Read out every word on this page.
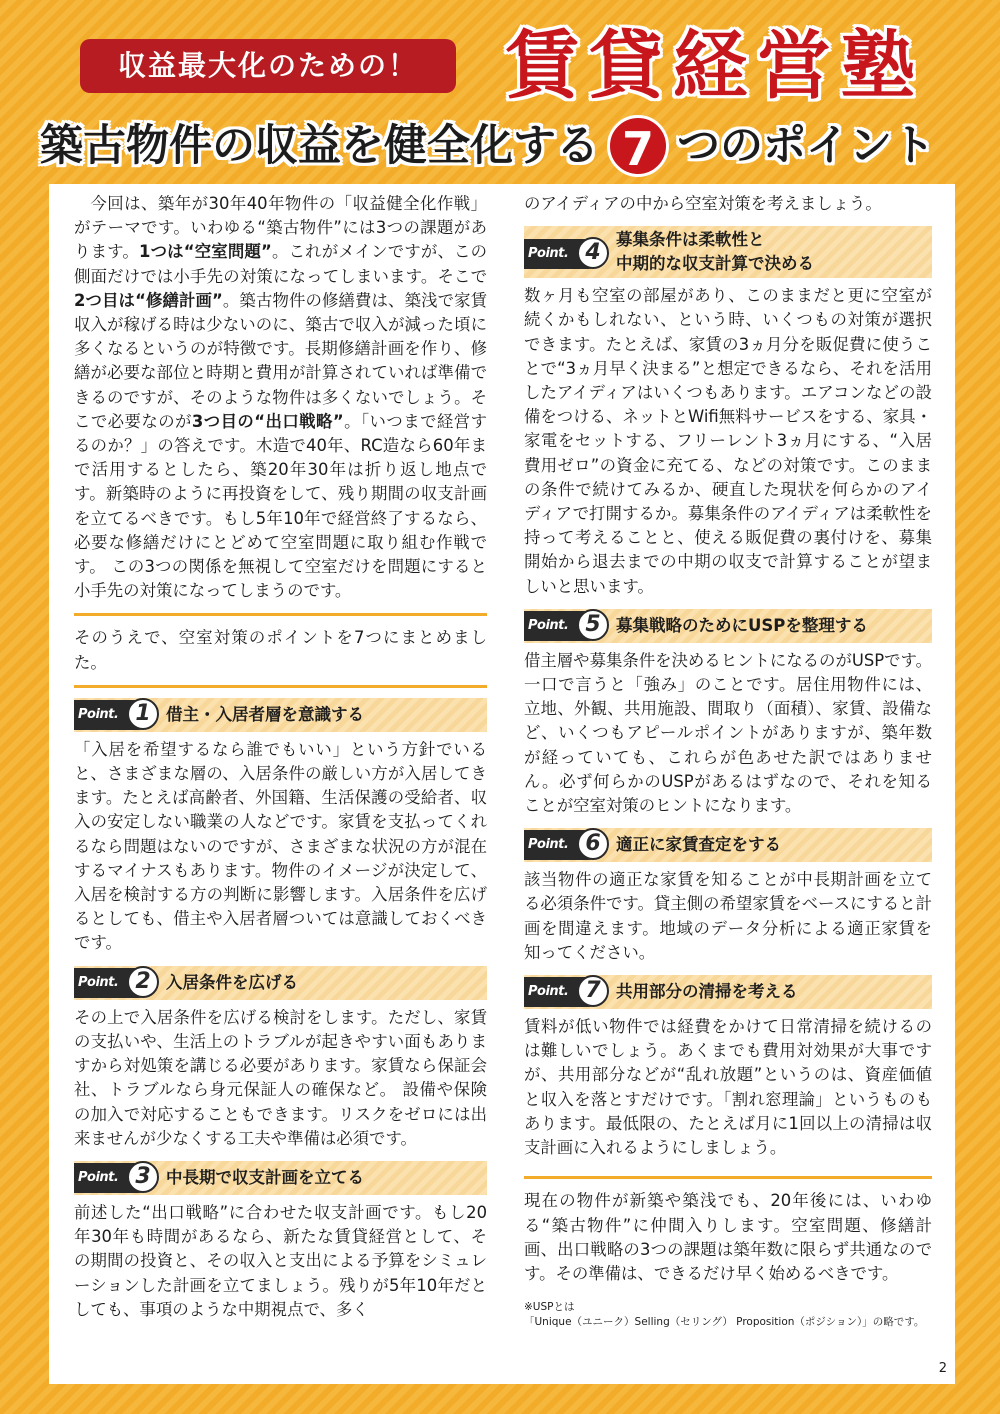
収益最大化のための！	賃貸経営塾
築古物件の収益を健全化する 7 つのポイント

今回は、築年が30年40年物件の「収益健全化作戦」がテーマです。いわゆる“築古物件”には3つの課題があります。1つは“空室問題”。これがメインですが、この側面だけでは小手先の対策になってしまいます。そこで2つ目は“修繕計画”。築古物件の修繕費は、築浅で家賃収入が稼げる時は少ないのに、築古で収入が減った頃に多くなるというのが特徴です。長期修繕計画を作り、修繕が必要な部位と時期と費用が計算されていれば準備できるのですが、そのような物件は多くないでしょう。そこで必要なのが3つ目の“出口戦略”。「いつまで経営するのか？」の答えです。木造で40年、RC造なら60年まで活用するとしたら、築20年30年は折り返し地点です。新築時のように再投資をして、残り期間の収支計画を立てるべきです。もし5年10年で経営終了するなら、必要な修繕だけにとどめて空室問題に取り組む作戦です。 この3つの関係を無視して空室だけを問題にすると小手先の対策になってしまうのです。

そのうえで、空室対策のポイントを7つにまとめました。

Point. 1 借主・入居者層を意識する

「入居を希望するなら誰でもいい」という方針でいると、さまざまな層の、入居条件の厳しい方が入居してきます。たとえば高齢者、外国籍、生活保護の受給者、収入の安定しない職業の人などです。家賃を支払ってくれるなら問題はないのですが、さまざまな状況の方が混在するマイナスもあります。物件のイメージが決定して、入居を検討する方の判断に影響します。入居条件を広げるとしても、借主や入居者層ついては意識しておくべきです。

Point. 2 入居条件を広げる

その上で入居条件を広げる検討をします。ただし、家賃の支払いや、生活上のトラブルが起きやすい面もありますから対処策を講じる必要があります。家賃なら保証会社、トラブルなら身元保証人の確保など。 設備や保険の加入で対応することもできます。リスクをゼロには出来ませんが少なくする工夫や準備は必須です。

Point. 3 中長期で収支計画を立てる

前述した“出口戦略”に合わせた収支計画です。もし20年30年も時間があるなら、新たな賃貸経営として、その期間の投資と、その収入と支出による予算をシミュレーションした計画を立てましょう。残りが5年10年だとしても、事項のような中期視点で、多く

のアイディアの中から空室対策を考えましょう。

Point. 4
募集条件は柔軟性と
中期的な収支計算で決める

数ヶ月も空室の部屋があり、このままだと更に空室が続くかもしれない、という時、いくつもの対策が選択できます。たとえば、家賃の3ヵ月分を販促費に使うことで“3ヵ月早く決まる”と想定できるなら、それを活用したアイディアはいくつもあります。エアコンなどの設備をつける、ネットとWifi無料サービスをする、家具・家電をセットする、フリーレント3ヵ月にする、“入居費用ゼロ”の資金に充てる、などの対策です。このままの条件で続けてみるか、硬直した現状を何らかのアイディアで打開するか。募集条件のアイディアは柔軟性を持って考えることと、使える販促費の裏付けを、募集開始から退去までの中期の収支で計算することが望ましいと思います。

Point. 5 募集戦略のためにUSPを整理する

借主層や募集条件を決めるヒントになるのがUSPです。一口で言うと「強み」のことです。居住用物件には、立地、外観、共用施設、間取り（面積）、家賃、設備など、いくつもアピールポイントがありますが、築年数が経っていても、これらが色あせた訳ではありません。必ず何らかのUSPがあるはずなので、それを知ることが空室対策のヒントになります。

Point. 6 適正に家賃査定をする

該当物件の適正な家賃を知ることが中長期計画を立てる必須条件です。貸主側の希望家賃をベースにすると計画を間違えます。地域のデータ分析による適正家賃を知ってください。

Point. 7 共用部分の清掃を考える

賃料が低い物件では経費をかけて日常清掃を続けるのは難しいでしょう。あくまでも費用対効果が大事ですが、共用部分などが“乱れ放題”というのは、資産価値と収入を落とすだけです。「割れ窓理論」というものもあります。最低限の、たとえば月に1回以上の清掃は収支計画に入れるようにしましょう。

現在の物件が新築や築浅でも、20年後には、いわゆる“築古物件”に仲間入りします。空室問題、修繕計画、出口戦略の3つの課題は築年数に限らず共通なのです。その準備は、できるだけ早く始めるべきです。

※USPとは
「Unique（ユニーク）Selling（セリング） Proposition（ポジション）」の略です。
2
